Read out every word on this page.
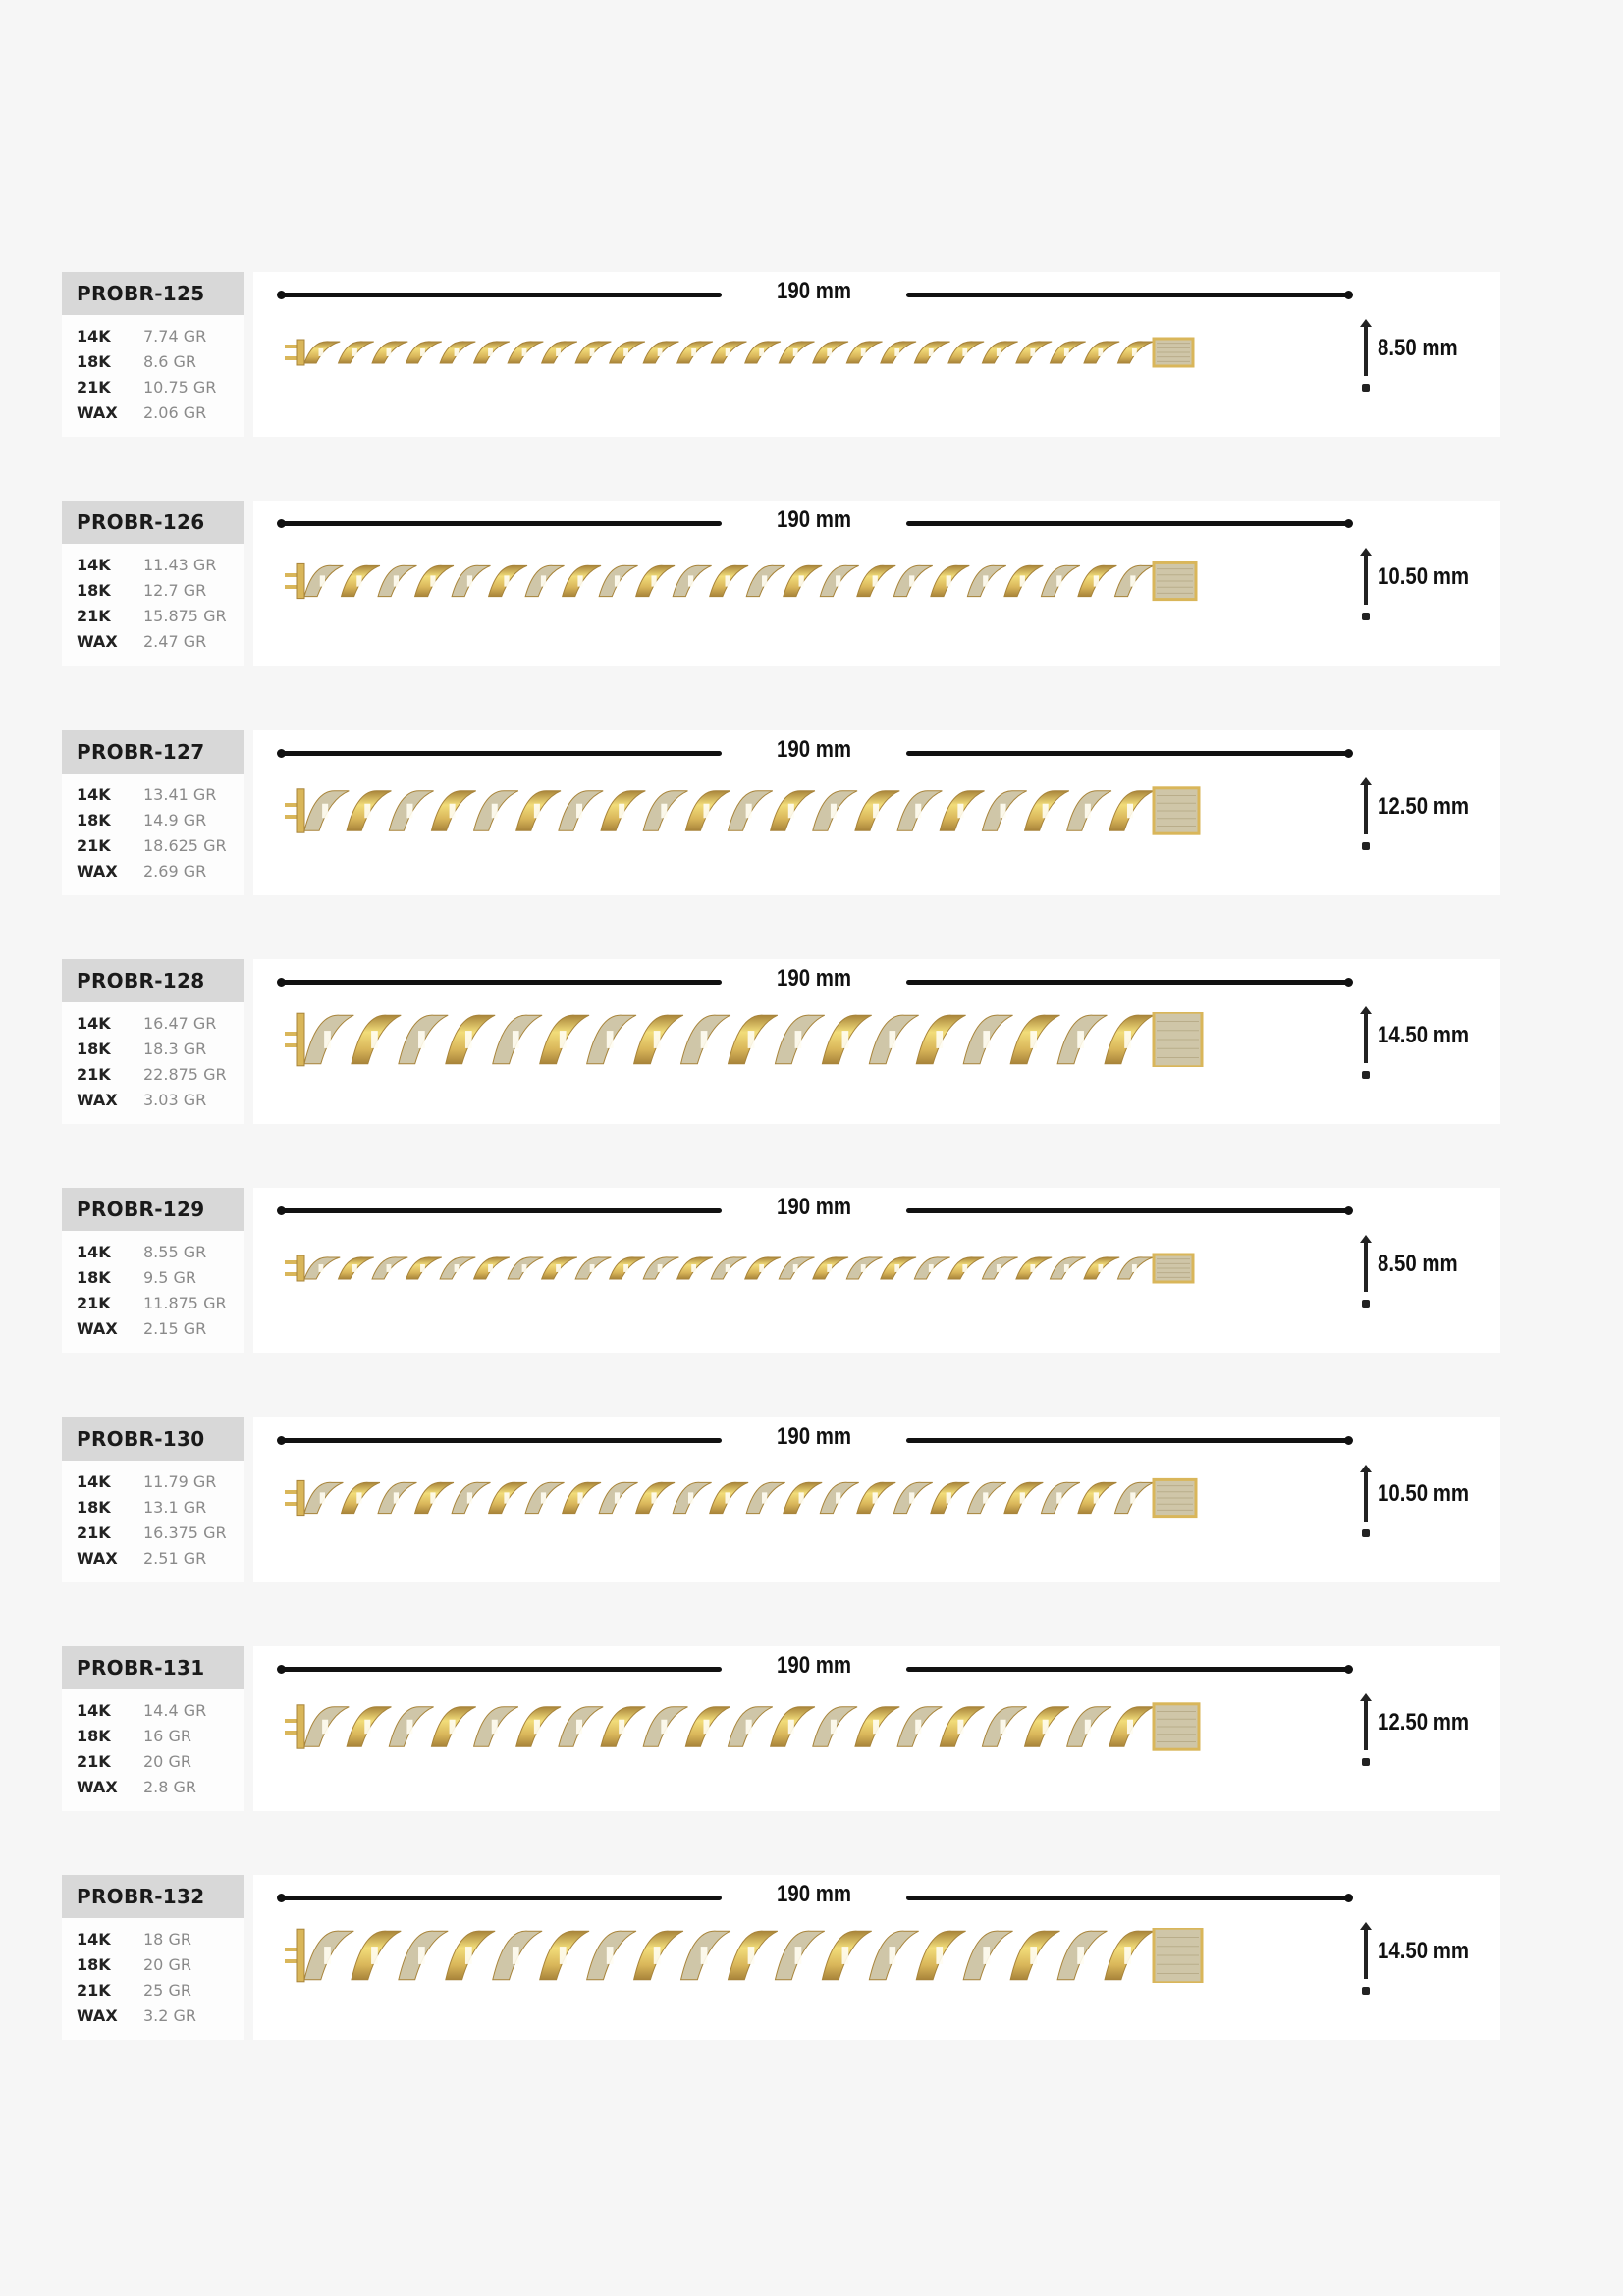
PROBR-125
14K	7.74 GR
18K	8.6 GR
21K	10.75 GR
WAX	2.06 GR
190 mm
8.50 mm
PROBR-126
14K	11.43 GR
18K	12.7 GR
21K	15.875 GR
WAX	2.47 GR
190 mm
10.50 mm
PROBR-127
14K	13.41 GR
18K	14.9 GR
21K	18.625 GR
WAX	2.69 GR
190 mm
12.50 mm
PROBR-128
14K	16.47 GR
18K	18.3 GR
21K	22.875 GR
WAX	3.03 GR
190 mm
14.50 mm
PROBR-129
14K	8.55 GR
18K	9.5 GR
21K	11.875 GR
WAX	2.15 GR
190 mm
8.50 mm
PROBR-130
14K	11.79 GR
18K	13.1 GR
21K	16.375 GR
WAX	2.51 GR
190 mm
10.50 mm
PROBR-131
14K	14.4 GR
18K	16 GR
21K	20 GR
WAX	2.8 GR
190 mm
12.50 mm
PROBR-132
14K	18 GR
18K	20 GR
21K	25 GR
WAX	3.2 GR
190 mm
14.50 mm
